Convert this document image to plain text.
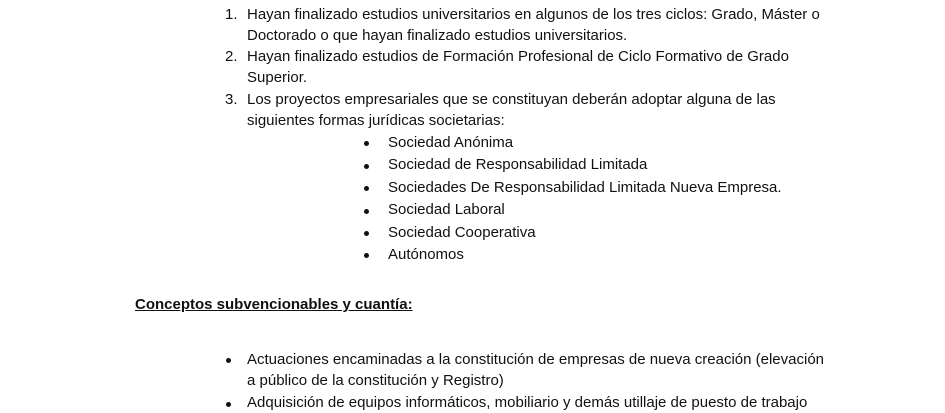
1. Hayan finalizado estudios universitarios en algunos de los tres ciclos: Grado, Máster o
Doctorado o que hayan finalizado estudios universitarios.
2. Hayan finalizado estudios de Formación Profesional de Ciclo Formativo de Grado
Superior.
3. Los proyectos empresariales que se constituyan deberán adoptar alguna de las
siguientes formas jurídicas societarias:
Sociedad Anónima
Sociedad de Responsabilidad Limitada
Sociedades De Responsabilidad Limitada Nueva Empresa.
Sociedad Laboral
Sociedad Cooperativa
Autónomos
Conceptos subvencionables y cuantía:
Actuaciones encaminadas a la constitución de empresas de nueva creación (elevación
a público de la constitución y Registro)
Adquisición de equipos informáticos, mobiliario y demás utillaje de puesto de trabajo
